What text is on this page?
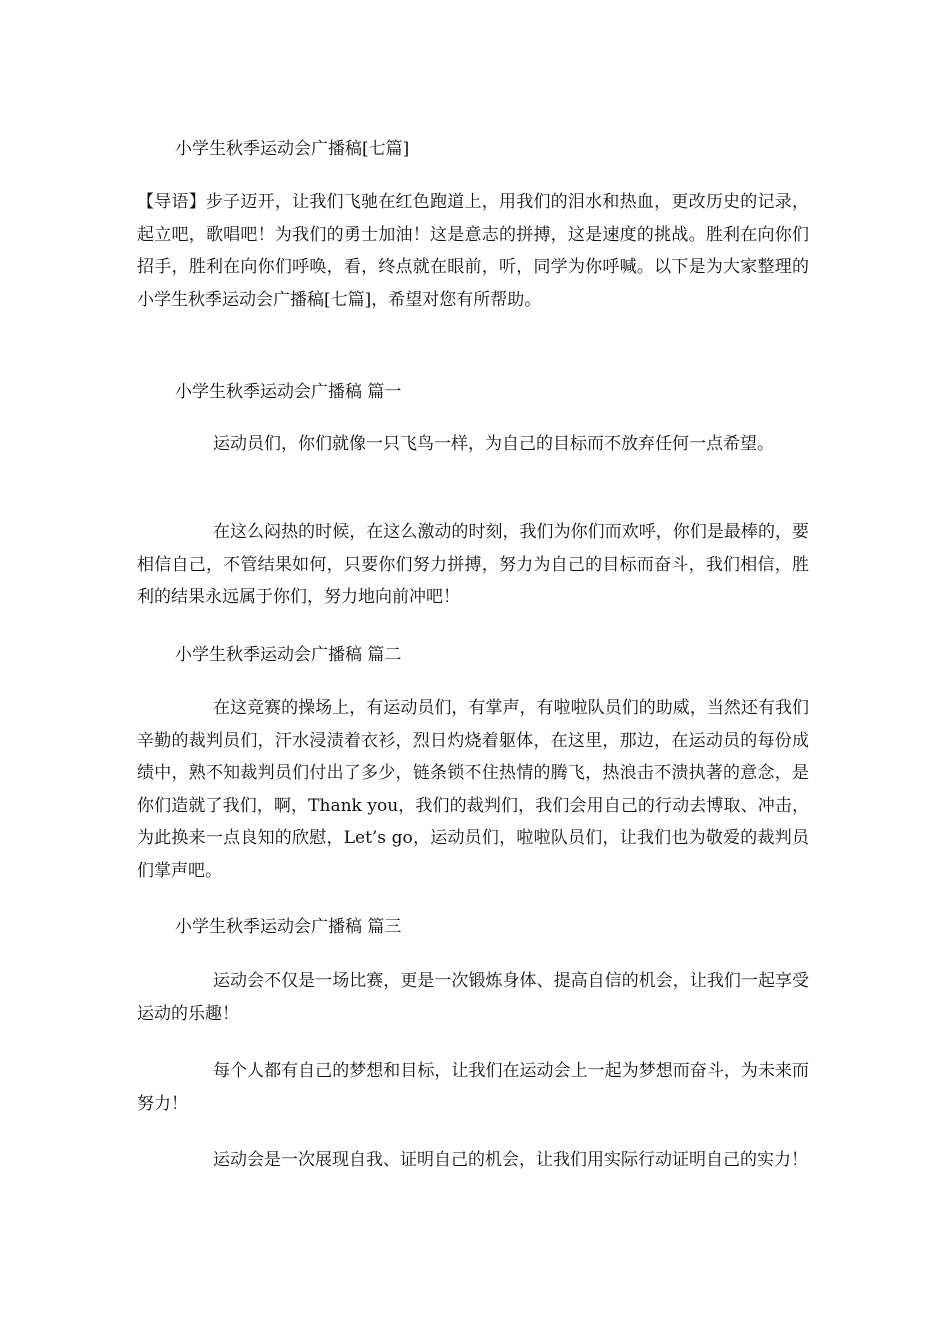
小学生秋季运动会广播稿[七篇]

【导语】步子迈开，让我们飞驰在红色跑道上，用我们的泪水和热血，更改历史的记录，起立吧，歌唱吧！为我们的勇士加油！这是意志的拼搏，这是速度的挑战。胜利在向你们招手，胜利在向你们呼唤，看，终点就在眼前，听，同学为你呼喊。以下是为大家整理的小学生秋季运动会广播稿[七篇]，希望对您有所帮助。

小学生秋季运动会广播稿 篇一

运动员们，你们就像一只飞鸟一样，为自己的目标而不放弃任何一点希望。

在这么闷热的时候，在这么激动的时刻，我们为你们而欢呼，你们是最棒的，要相信自己，不管结果如何，只要你们努力拼搏，努力为自己的目标而奋斗，我们相信，胜利的结果永远属于你们，努力地向前冲吧！

小学生秋季运动会广播稿 篇二

在这竞赛的操场上，有运动员们，有掌声，有啦啦队员们的助威，当然还有我们辛勤的裁判员们，汗水浸渍着衣衫，烈日灼烧着躯体，在这里，那边，在运动员的每份成绩中，熟不知裁判员们付出了多少，链条锁不住热情的腾飞，热浪击不溃执著的意念，是你们造就了我们，啊，Thank you，我们的裁判们，我们会用自己的行动去博取、冲击，为此换来一点良知的欣慰，Let’s go，运动员们，啦啦队员们，让我们也为敬爱的裁判员们掌声吧。

小学生秋季运动会广播稿 篇三

运动会不仅是一场比赛，更是一次锻炼身体、提高自信的机会，让我们一起享受运动的乐趣！

每个人都有自己的梦想和目标，让我们在运动会上一起为梦想而奋斗，为未来而努力！

运动会是一次展现自我、证明自己的机会，让我们用实际行动证明自己的实力！
